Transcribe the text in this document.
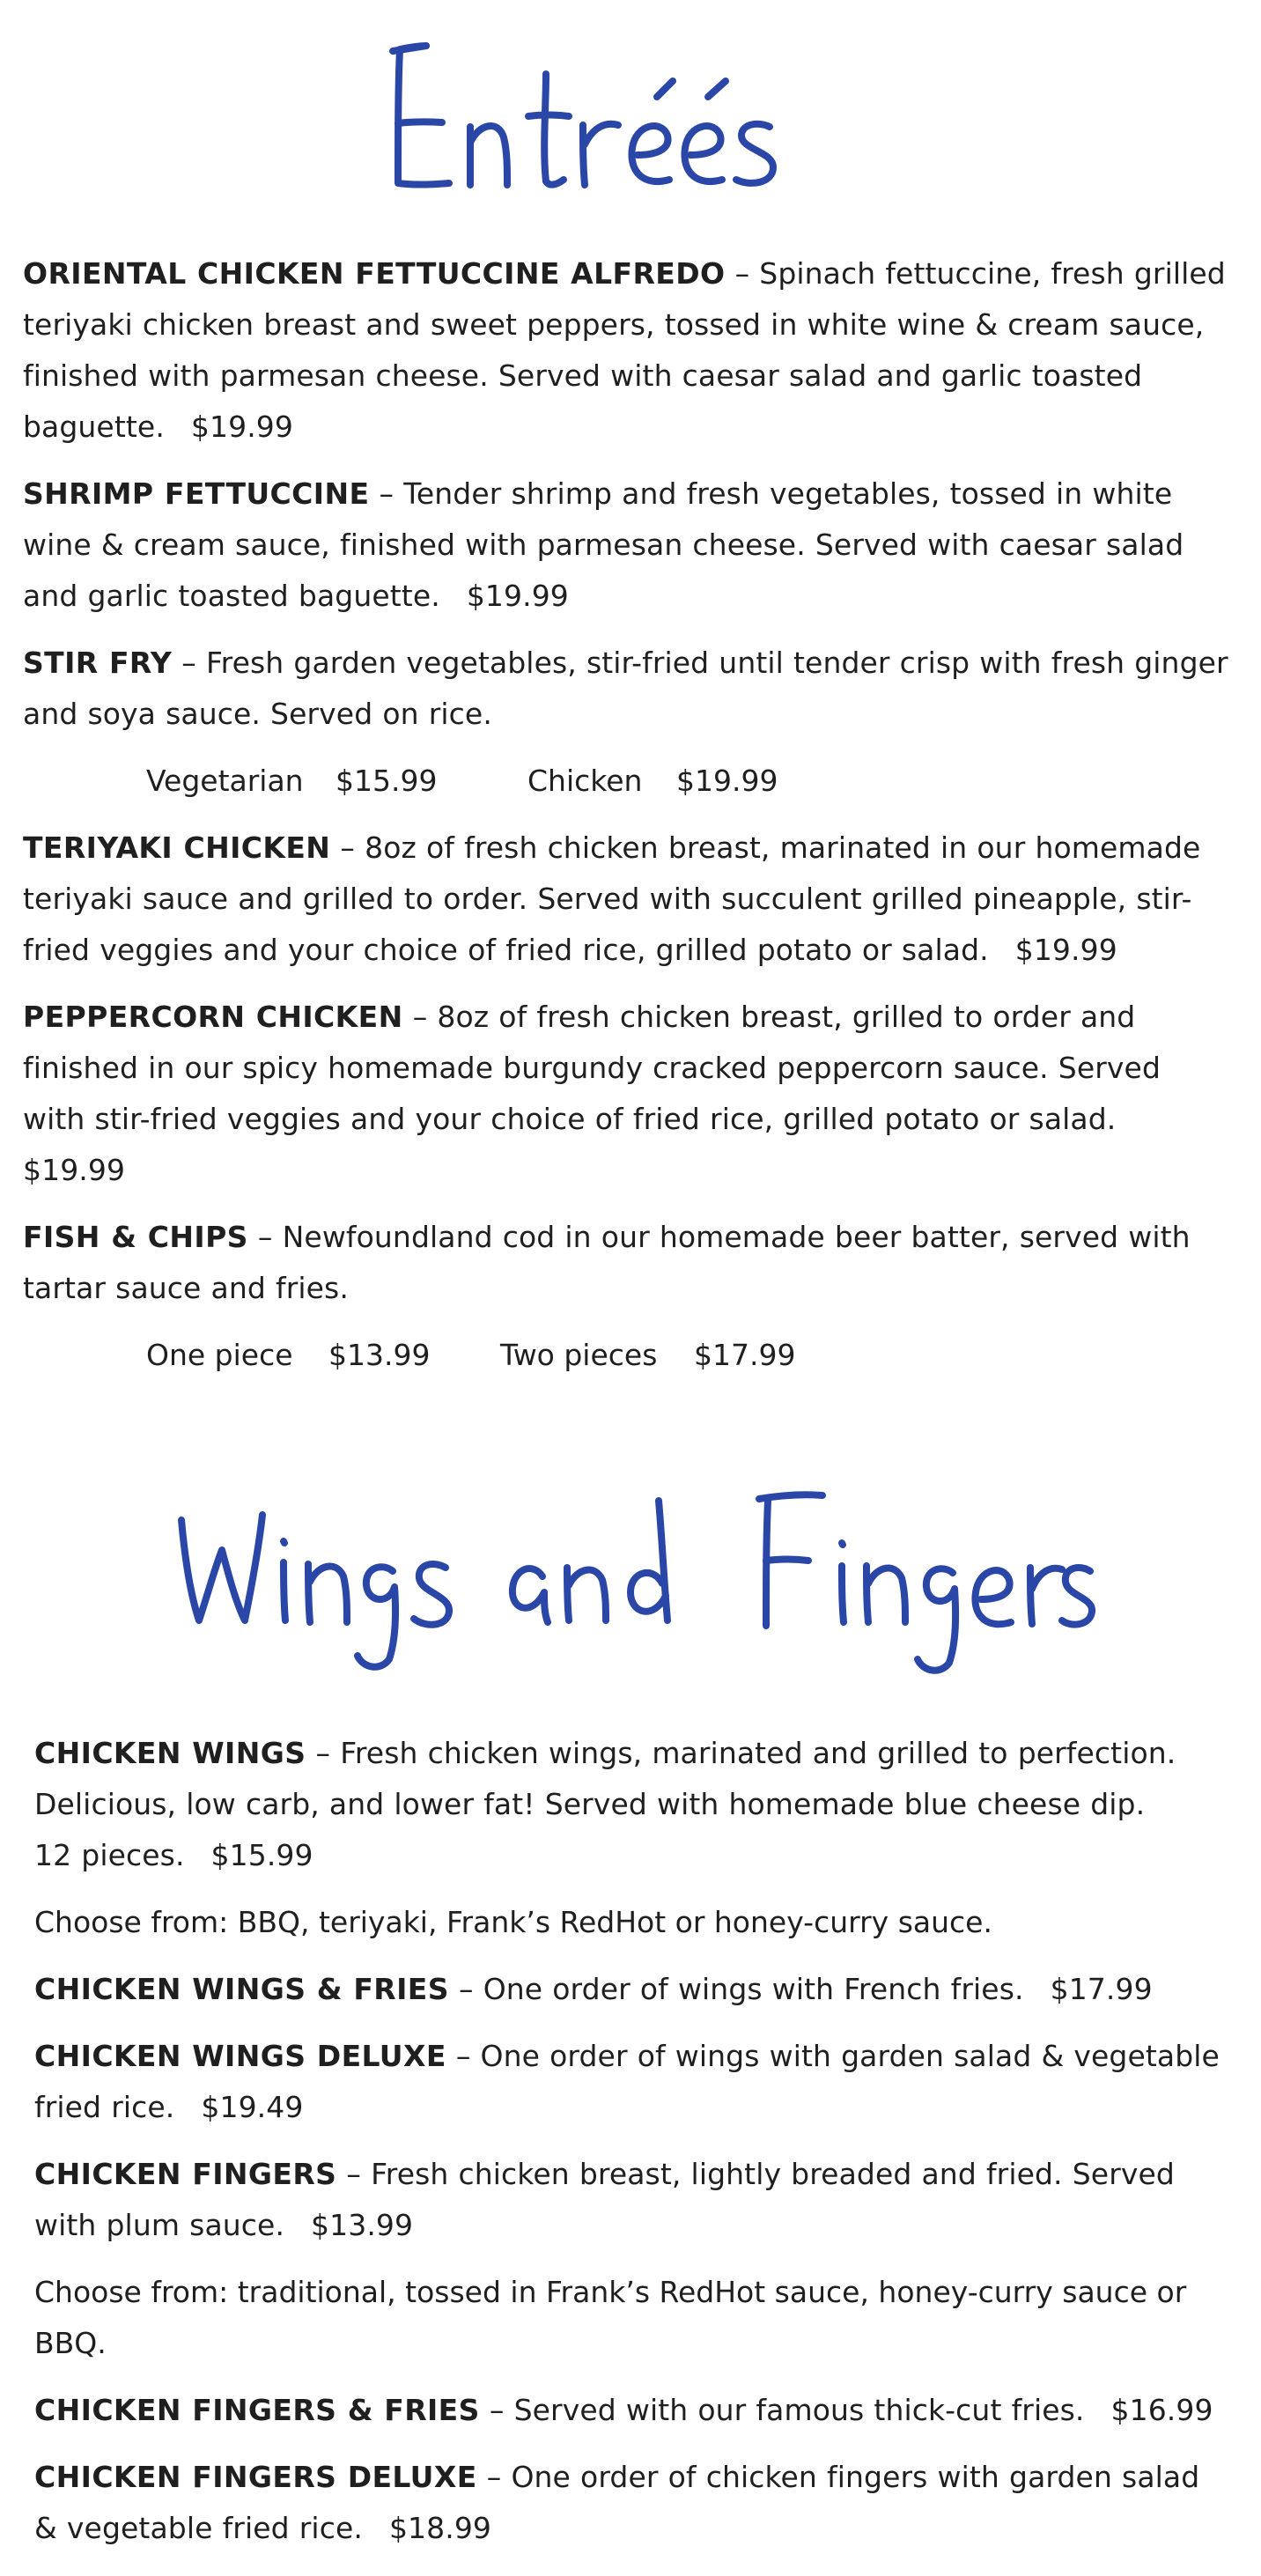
ORIENTAL CHICKEN FETTUCCINE ALFREDO – Spinach fettuccine, fresh grilled teriyaki chicken breast and sweet peppers, tossed in white wine & cream sauce, finished with parmesan cheese. Served with caesar salad and garlic toasted baguette. $19.99

SHRIMP FETTUCCINE – Tender shrimp and fresh vegetables, tossed in white wine & cream sauce, finished with parmesan cheese. Served with caesar salad and garlic toasted baguette. $19.99

STIR FRY – Fresh garden vegetables, stir-fried until tender crisp with fresh ginger and soya sauce. Served on rice.

Vegetarian $15.99	Chicken $19.99

TERIYAKI CHICKEN – 8oz of fresh chicken breast, marinated in our homemade teriyaki sauce and grilled to order. Served with succulent grilled pineapple, stir-fried veggies and your choice of fried rice, grilled potato or salad. $19.99

PEPPERCORN CHICKEN – 8oz of fresh chicken breast, grilled to order and finished in our spicy homemade burgundy cracked peppercorn sauce. Served with stir-fried veggies and your choice of fried rice, grilled potato or salad.
$19.99

FISH & CHIPS – Newfoundland cod in our homemade beer batter, served with tartar sauce and fries.

One piece $13.99 Two pieces $17.99

CHICKEN WINGS – Fresh chicken wings, marinated and grilled to perfection. Delicious, low carb, and lower fat! Served with homemade blue cheese dip.
12 pieces. $15.99

Choose from: BBQ, teriyaki, Frank’s RedHot or honey-curry sauce.

CHICKEN WINGS & FRIES – One order of wings with French fries. $17.99

CHICKEN WINGS DELUXE – One order of wings with garden salad & vegetable fried rice. $19.49

CHICKEN FINGERS – Fresh chicken breast, lightly breaded and fried. Served with plum sauce. $13.99

Choose from: traditional, tossed in Frank’s RedHot sauce, honey-curry sauce or BBQ.

CHICKEN FINGERS & FRIES – Served with our famous thick-cut fries. $16.99

CHICKEN FINGERS DELUXE – One order of chicken fingers with garden salad & vegetable fried rice. $18.99
